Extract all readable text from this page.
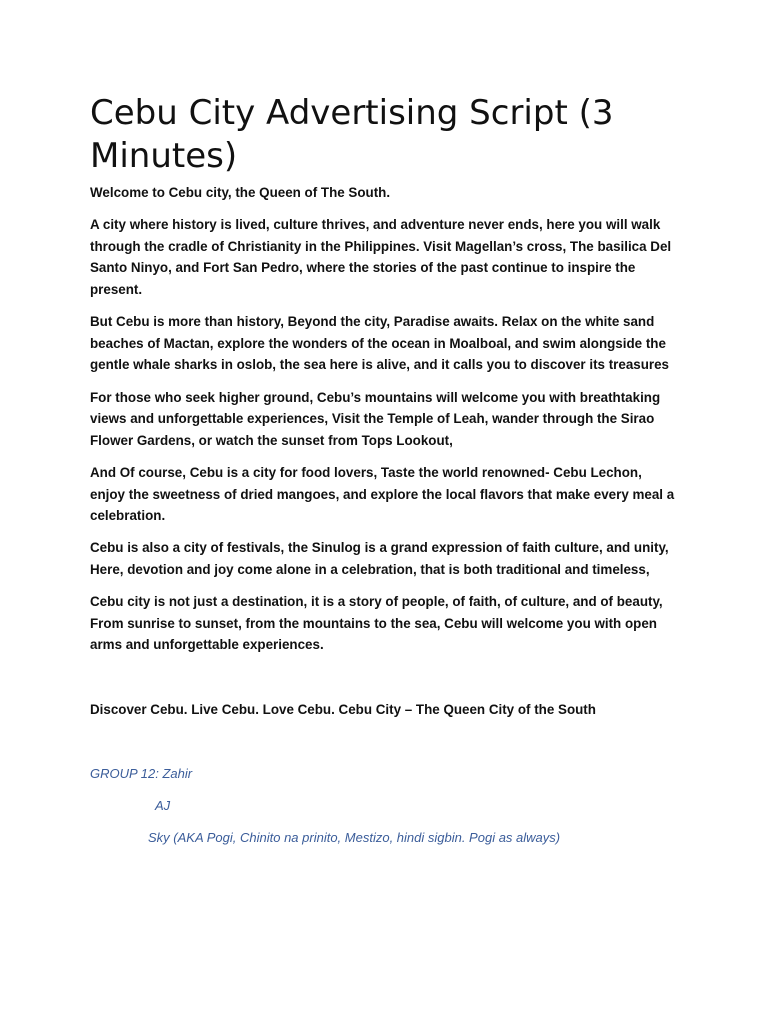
Cebu City Advertising Script (3 Minutes)

Welcome to Cebu city, the Queen of The South.

A city where history is lived, culture thrives, and adventure never ends, here you will walk through the cradle of Christianity in the Philippines. Visit Magellan’s cross, The basilica Del Santo Ninyo, and Fort San Pedro, where the stories of the past continue to inspire the present.

But Cebu is more than history, Beyond the city, Paradise awaits. Relax on the white sand beaches of Mactan, explore the wonders of the ocean in Moalboal, and swim alongside the gentle whale sharks in oslob, the sea here is alive, and it calls you to discover its treasures

For those who seek higher ground, Cebu’s mountains will welcome you with breathtaking views and unforgettable experiences, Visit the Temple of Leah, wander through the Sirao Flower Gardens, or watch the sunset from Tops Lookout,

And Of course, Cebu is a city for food lovers, Taste the world renowned- Cebu Lechon, enjoy the sweetness of dried mangoes, and explore the local flavors that make every meal a celebration.

Cebu is also a city of festivals, the Sinulog is a grand expression of faith culture, and unity, Here, devotion and joy come alone in a celebration, that is both traditional and timeless,

Cebu city is not just a destination, it is a story of people, of faith, of culture, and of beauty, From sunrise to sunset, from the mountains to the sea, Cebu will welcome you with open arms and unforgettable experiences.

Discover Cebu. Live Cebu. Love Cebu. Cebu City – The Queen City of the South

GROUP 12: Zahir

AJ

Sky (AKA Pogi, Chinito na prinito, Mestizo, hindi sigbin. Pogi as always)
